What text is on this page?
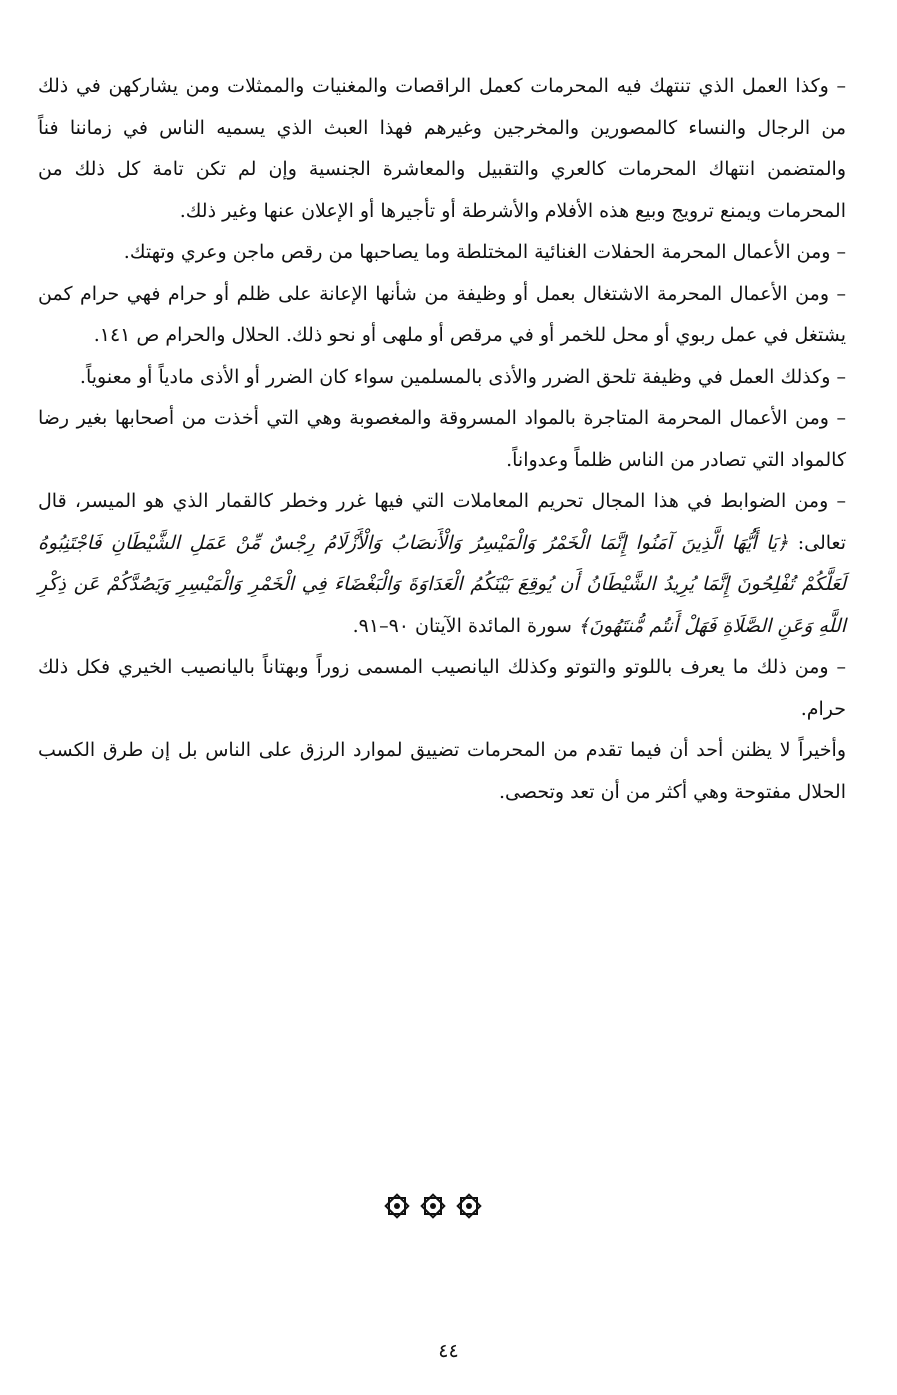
– وكذا العمل الذي تنتهك فيه المحرمات كعمل الراقصات والمغنيات والممثلات ومن يشاركهن في ذلك من الرجال والنساء كالمصورين والمخرجين وغيرهم فهذا العبث الذي يسميه الناس في زماننا فناً والمتضمن انتهاك المحرمات كالعري والتقبيل والمعاشرة الجنسية وإن لم تكن تامة كل ذلك من المحرمات ويمنع ترويج وبيع هذه الأفلام والأشرطة أو تأجيرها أو الإعلان عنها وغير ذلك.

– ومن الأعمال المحرمة الحفلات الغنائية المختلطة وما يصاحبها من رقص ماجن وعري وتهتك.

– ومن الأعمال المحرمة الاشتغال بعمل أو وظيفة من شأنها الإعانة على ظلم أو حرام فهي حرام كمن يشتغل في عمل ربوي أو محل للخمر أو في مرقص أو ملهى أو نحو ذلك. الحلال والحرام ص ١٤١.

– وكذلك العمل في وظيفة تلحق الضرر والأذى بالمسلمين سواء كان الضرر أو الأذى مادياً أو معنوياً.

– ومن الأعمال المحرمة المتاجرة بالمواد المسروقة والمغصوبة وهي التي أخذت من أصحابها بغير رضا كالمواد التي تصادر من الناس ظلماً وعدواناً.

– ومن الضوابط في هذا المجال تحريم المعاملات التي فيها غرر وخطر كالقمار الذي هو الميسر، قال تعالى: ﴿يَا أَيُّهَا الَّذِينَ آمَنُوا إِنَّمَا الْخَمْرُ وَالْمَيْسِرُ وَالْأَنصَابُ وَالْأَزْلَامُ رِجْسٌ مِّنْ عَمَلِ الشَّيْطَانِ فَاجْتَنِبُوهُ لَعَلَّكُمْ تُفْلِحُونَ إِنَّمَا يُرِيدُ الشَّيْطَانُ أَن يُوقِعَ بَيْنَكُمُ الْعَدَاوَةَ وَالْبَغْضَاءَ فِي الْخَمْرِ وَالْمَيْسِرِ وَيَصُدَّكُمْ عَن ذِكْرِ اللَّهِ وَعَنِ الصَّلَاةِ فَهَلْ أَنتُم مُّنتَهُونَ﴾ سورة المائدة الآيتان ٩٠–٩١.

– ومن ذلك ما يعرف باللوتو والتوتو وكذلك اليانصيب المسمى زوراً وبهتاناً باليانصيب الخيري فكل ذلك حرام.

وأخيراً لا يظنن أحد أن فيما تقدم من المحرمات تضييق لموارد الرزق على الناس بل إن طرق الكسب الحلال مفتوحة وهي أكثر من أن تعد وتحصى.

٤٤
